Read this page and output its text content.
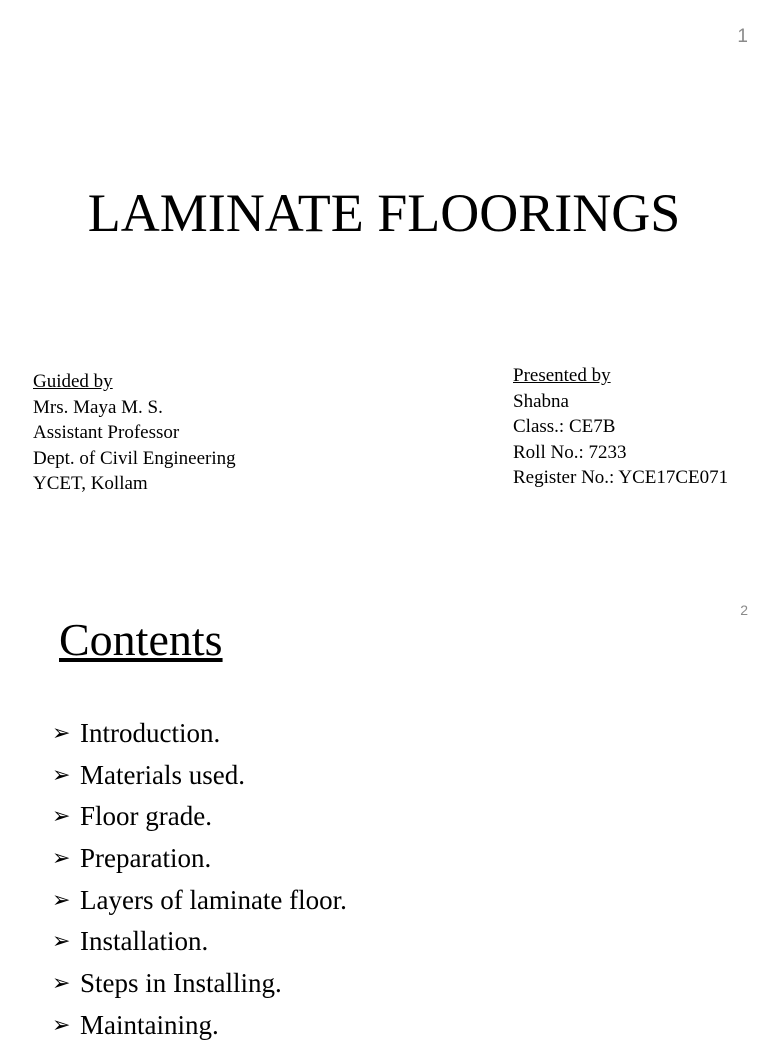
1
LAMINATE FLOORINGS
Guided by
Mrs. Maya M. S.
Assistant Professor
Dept. of Civil Engineering
YCET, Kollam
Presented by
Shabna
Class.: CE7B
Roll No.: 7233
Register No.: YCE17CE071
2
Contents
➢ Introduction.
➢ Materials used.
➢ Floor grade.
➢ Preparation.
➢ Layers of laminate floor.
➢ Installation.
➢ Steps in Installing.
➢ Maintaining.
